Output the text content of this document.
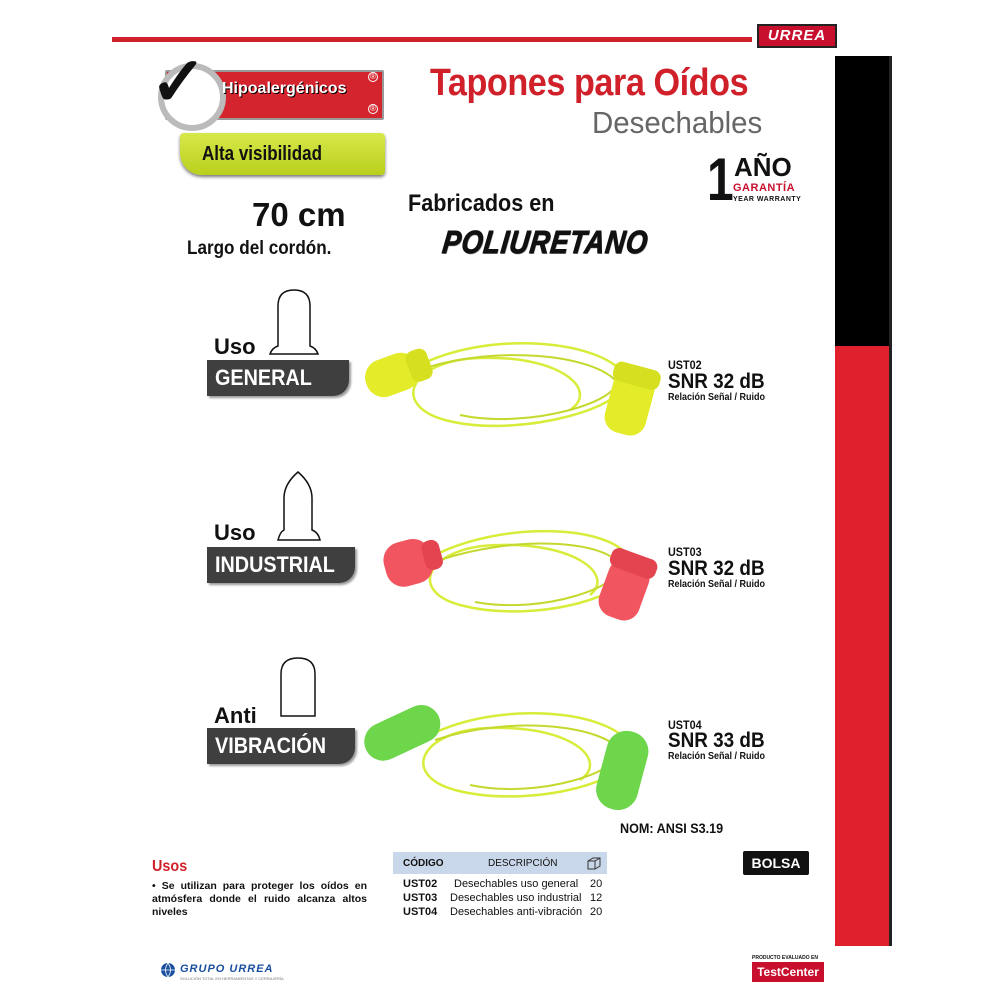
URREA
®
®
✓ Hipoalergénicos
Alta visibilidad
Tapones para Oídos
Desechables
1 AÑO
GARANTÍA
YEAR WARRANTY
70 cm
Largo del cordón.
Fabricados en
POLIURETANO
Uso
GENERAL	UST02
SNR 32 dB
Relación Señal / Ruido
Uso
INDUSTRIAL	UST03
SNR 32 dB
Relación Señal / Ruido
Anti
VIBRACIÓN
UST04
SNR 33 dB
Relación Señal / Ruido
NOM: ANSI S3.19
Usos
• Se utilizan para proteger los oídos en atmósfera donde el ruido alcanza altos niveles
CÓDIGO	DESCRIPCIÓN
UST02 Desechables uso general 20
UST03 Desechables uso industrial 12
UST04 Desechables anti-vibración 20
BOLSA
GRUPO URREA
SOLUCIÓN TOTAL EN HERRAMIENTAS Y CERRAJERÍA
PRODUCTO EVALUADO EN
TestCenter
